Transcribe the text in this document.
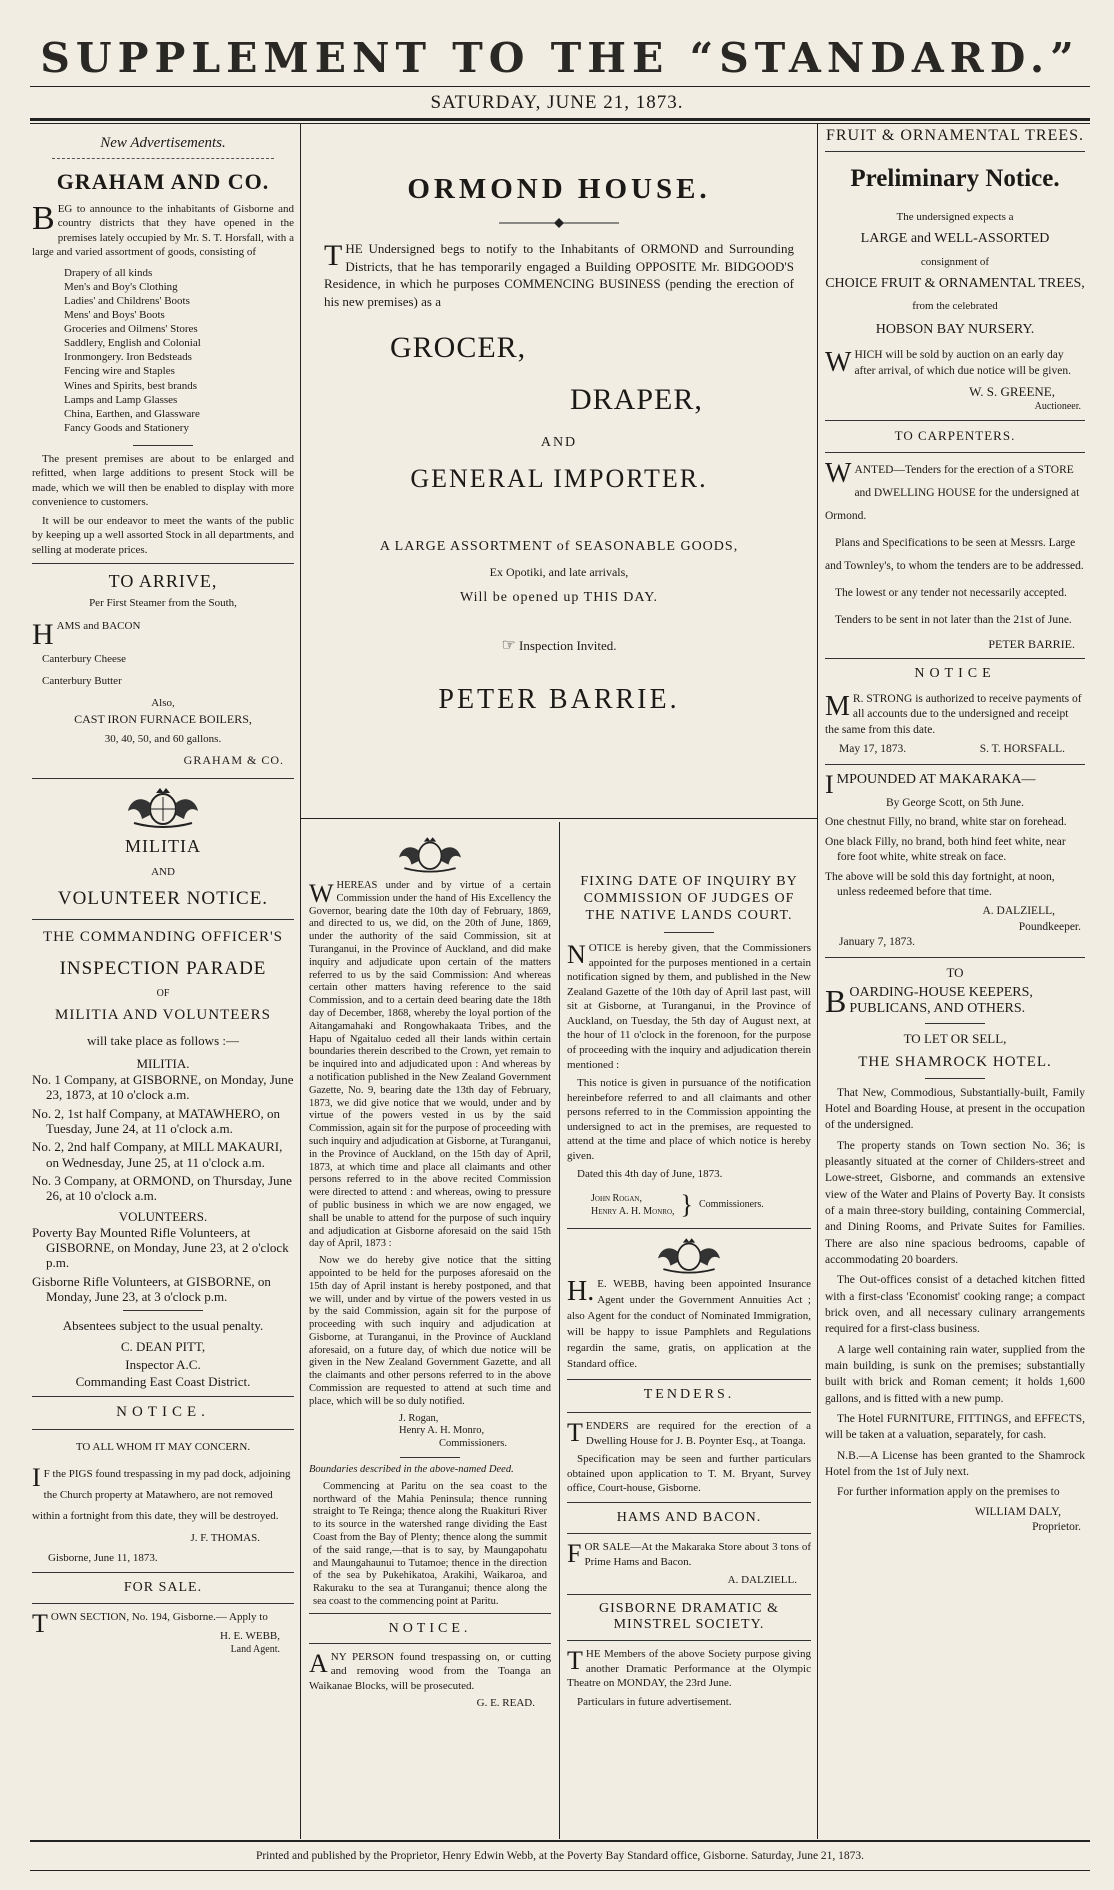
SUPPLEMENT TO THE “STANDARD.”
SATURDAY, JUNE 21, 1873.
New Advertisements.
GRAHAM AND CO.

BEG to announce to the inhabitants of Gisborne and country districts that they have opened in the premises lately occupied by Mr. S. T. Horsfall, with a large and varied assortment of goods, consisting of

Drapery of all kinds
Men's and Boy's Clothing
Ladies' and Childrens' Boots
Mens' and Boys' Boots
Groceries and Oilmens' Stores
Saddlery, English and Colonial
Ironmongery. Iron Bedsteads
Fencing wire and Staples
Wines and Spirits, best brands
Lamps and Lamp Glasses
China, Earthen, and Glassware
Fancy Goods and Stationery

The present premises are about to be enlarged and refitted, when large additions to present Stock will be made, which we will then be enabled to display with more convenience to customers.

It will be our endeavor to meet the wants of the public by keeping up a well assorted Stock in all departments, and selling at moderate prices.

TO ARRIVE,
Per First Steamer from the South,
HAMS and BACON
Canterbury Cheese
Canterbury Butter
Also,
CAST IRON FURNACE BOILERS,
30, 40, 50, and 60 gallons.
GRAHAM & CO.
MILITIA
AND
VOLUNTEER NOTICE.
THE COMMANDING OFFICER'S
INSPECTION PARADE
OF
MILITIA AND VOLUNTEERS
will take place as follows :—
MILITIA.

No. 1 Company, at GISBORNE, on Monday, June 23, 1873, at 10 o'clock a.m.

No. 2, 1st half Company, at MATAWHERO, on Tuesday, June 24, at 11 o'clock a.m.

No. 2, 2nd half Company, at MILL MAKAURI, on Wednesday, June 25, at 11 o'clock a.m.

No. 3 Company, at ORMOND, on Thursday, June 26, at 10 o'clock a.m.

VOLUNTEERS.

Poverty Bay Mounted Rifle Volunteers, at GISBORNE, on Monday, June 23, at 2 o'clock p.m.

Gisborne Rifle Volunteers, at GISBORNE, on Monday, June 23, at 3 o'clock p.m.

Absentees subject to the usual penalty.
C. DEAN PITT,
Inspector A.C.
Commanding East Coast District.
NOTICE.
TO ALL WHOM IT MAY CONCERN.

I F the PIGS found trespassing in my pad dock, adjoining the Church property at Matawhero, are not removed within a fortnight from this date, they will be destroyed.

J. F. THOMAS.
Gisborne, June 11, 1873.
FOR SALE.

TOWN SECTION, No. 194, Gisborne.— Apply to

H. E. WEBB,
Land Agent.
ORMOND HOUSE.

THE Undersigned begs to notify to the Inhabitants of ORMOND and Surrounding Districts, that he has temporarily engaged a Building OPPOSITE Mr. BIDGOOD'S Residence, in which he purposes COMMENCING BUSINESS (pending the erection of his new premises) as a

GROCER,
DRAPER,
AND
GENERAL IMPORTER.
A LARGE ASSORTMENT of SEASONABLE GOODS,
Ex Opotiki, and late arrivals,
Will be opened up THIS DAY.
☞ Inspection Invited.
PETER BARRIE.

WHEREAS under and by virtue of a certain Commission under the hand of His Excellency the Governor, bearing date the 10th day of February, 1869, and directed to us, we did, on the 20th of June, 1869, under the authority of the said Commission, sit at Turanganui, in the Province of Auckland, and did make inquiry and adjudicate upon certain of the matters referred to us by the said Commission: And whereas certain other matters having reference to the said Commission, and to a certain deed bearing date the 18th day of December, 1868, whereby the loyal portion of the Aitangamahaki and Rongowhakaata Tribes, and the Hapu of Ngaitaluo ceded all their lands within certain boundaries therein described to the Crown, yet remain to be inquired into and adjudicated upon : And whereas by a notification published in the New Zealand Government Gazette, No. 9, bearing date the 13th day of February, 1873, we did give notice that we would, under and by virtue of the powers vested in us by the said Commission, again sit for the purpose of proceeding with such inquiry and adjudication at Gisborne, at Turanganui, in the Province of Auckland, on the 15th day of April, 1873, at which time and place all claimants and other persons referred to in the above recited Commission were directed to attend : and whereas, owing to pressure of public business in which we are now engaged, we shall be unable to attend for the purpose of such inquiry and adjudication at Gisborne aforesaid on the said 15th day of April, 1873 :

Now we do hereby give notice that the sitting appointed to be held for the purposes aforesaid on the 15th day of April instant is hereby postponed, and that we will, under and by virtue of the powers vested in us by the said Commission, again sit for the purpose of proceeding with such inquiry and adjudication at Gisborne, at Turanganui, in the Province of Auckland aforesaid, on a future day, of which due notice will be given in the New Zealand Government Gazette, and all the claimants and other persons referred to in the above Commission are requested to attend at such time and place, which will be so duly notified.

J. Rogan,
Henry A. H. Monro,
Commissioners.
Boundaries described in the above-named Deed.

Commencing at Paritu on the sea coast to the northward of the Mahia Peninsula; thence running straight to Te Reinga; thence along the Ruakituri River to its source in the watershed range dividing the East Coast from the Bay of Plenty; thence along the summit of the said range,—that is to say, by Maungapohatu and Maungahaunui to Tutamoe; thence in the direction of the sea by Pukehikatoa, Arakihi, Waikaroa, and Rakuraku to the sea at Turanganui; thence along the sea coast to the commencing point at Paritu.

NOTICE.

ANY PERSON found trespassing on, or cutting and removing wood from the Toanga an Waikanae Blocks, will be prosecuted.

G. E. READ.
FIXING DATE OF INQUIRY BY COMMISSION OF JUDGES OF THE NATIVE LANDS COURT.

NOTICE is hereby given, that the Commissioners appointed for the purposes mentioned in a certain notification signed by them, and published in the New Zealand Gazette of the 10th day of April last past, will sit at Gisborne, at Turanganui, in the Province of Auckland, on Tuesday, the 5th day of August next, at the hour of 11 o'clock in the forenoon, for the purpose of proceeding with the inquiry and adjudication therein mentioned :

This notice is given in pursuance of the notification hereinbefore referred to and all claimants and other persons referred to in the Commission appointing the undersigned to act in the premises, are requested to attend at the time and place of which notice is hereby given.

Dated this 4th day of June, 1873.

John Rogan,
Henry A. H. Monro, } Commissioners.

H. E. WEBB, having been appointed Insurance Agent under the Government Annuities Act ; also Agent for the conduct of Nominated Immigration, will be happy to issue Pamphlets and Regulations regardin the same, gratis, on application at the Standard office.

TENDERS.

TENDERS are required for the erection of a Dwelling House for J. B. Poynter Esq., at Toanga.

Specification may be seen and further particulars obtained upon application to T. M. Bryant, Survey office, Court-house, Gisborne.

HAMS AND BACON.

FOR SALE—At the Makaraka Store about 3 tons of Prime Hams and Bacon.

A. DALZIELL.
GISBORNE DRAMATIC & MINSTREL SOCIETY.

THE Members of the above Society purpose giving another Dramatic Performance at the Olympic Theatre on MONDAY, the 23rd June.

Particulars in future advertisement.
FRUIT & ORNAMENTAL TREES.
Preliminary Notice.
The undersigned expects a
LARGE and WELL-ASSORTED
consignment of
CHOICE FRUIT & ORNAMENTAL TREES,
from the celebrated
HOBSON BAY NURSERY.

WHICH will be sold by auction on an early day after arrival, of which due notice will be given.

W. S. GREENE,
Auctioneer.
TO CARPENTERS.

WANTED—Tenders for the erection of a STORE and DWELLING HOUSE for the undersigned at Ormond.

Plans and Specifications to be seen at Messrs. Large and Townley's, to whom the tenders are to be addressed.

The lowest or any tender not necessarily accepted.

Tenders to be sent in not later than the 21st of June.

PETER BARRIE.
NOTICE

M R. STRONG is authorized to receive payments of all accounts due to the undersigned and receipt the same from this date.

May 17, 1873.	S. T. HORSFALL.

IMPOUNDED AT MAKARAKA—

By George Scott, on 5th June.

One chestnut Filly, no brand, white star on forehead.

One black Filly, no brand, both hind feet white, near fore foot white, white streak on face.

The above will be sold this day fortnight, at noon, unless redeemed before that time.

A. DALZIELL,
Poundkeeper.
January 7, 1873.
TO

BOARDING-HOUSE KEEPERS, PUBLICANS, AND OTHERS.

TO LET OR SELL,
THE SHAMROCK HOTEL.

That New, Commodious, Substantially-built, Family Hotel and Boarding House, at present in the occupation of the undersigned.

The property stands on Town section No. 36; is pleasantly situated at the corner of Childers-street and Lowe-street, Gisborne, and commands an extensive view of the Water and Plains of Poverty Bay. It consists of a main three-story building, containing Commercial, and Dining Rooms, and Private Suites for Families. There are also nine spacious bedrooms, capable of accommodating 20 boarders.

The Out-offices consist of a detached kitchen fitted with a first-class 'Economist' cooking range; a compact brick oven, and all necessary culinary arrangements required for a first-class business.

A large well containing rain water, supplied from the main building, is sunk on the premises; substantially built with brick and Roman cement; it holds 1,600 gallons, and is fitted with a new pump.

The Hotel FURNITURE, FITTINGS, and EFFECTS, will be taken at a valuation, separately, for cash.

N.B.—A License has been granted to the Shamrock Hotel from the 1st of July next.

For further information apply on the premises to

WILLIAM DALY,
Proprietor.
Printed and published by the Proprietor, Henry Edwin Webb, at the Poverty Bay Standard office, Gisborne. Saturday, June 21, 1873.
